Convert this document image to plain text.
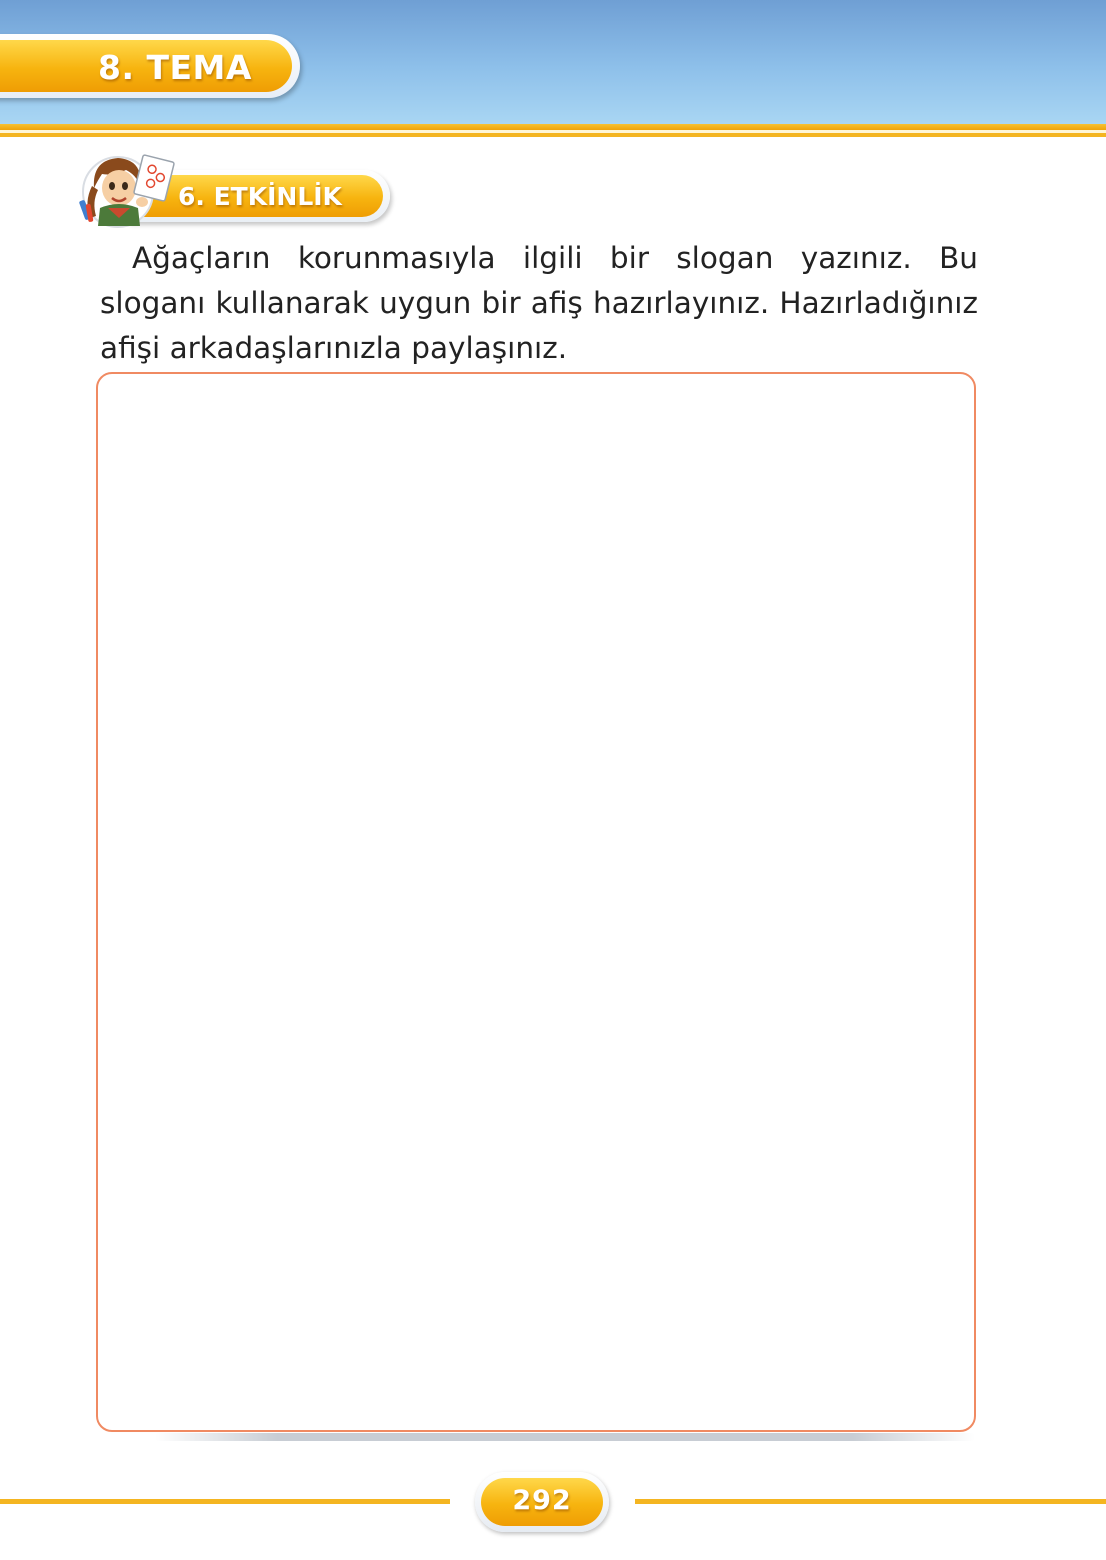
8. TEMA
6. ETKİNLİK

Ağaçların korunmasıyla ilgili bir slogan yazınız. Bu sloganı kullanarak uygun bir afiş hazırlayınız. Hazırladığınız afişi arkadaşlarınızla paylaşınız.

292
